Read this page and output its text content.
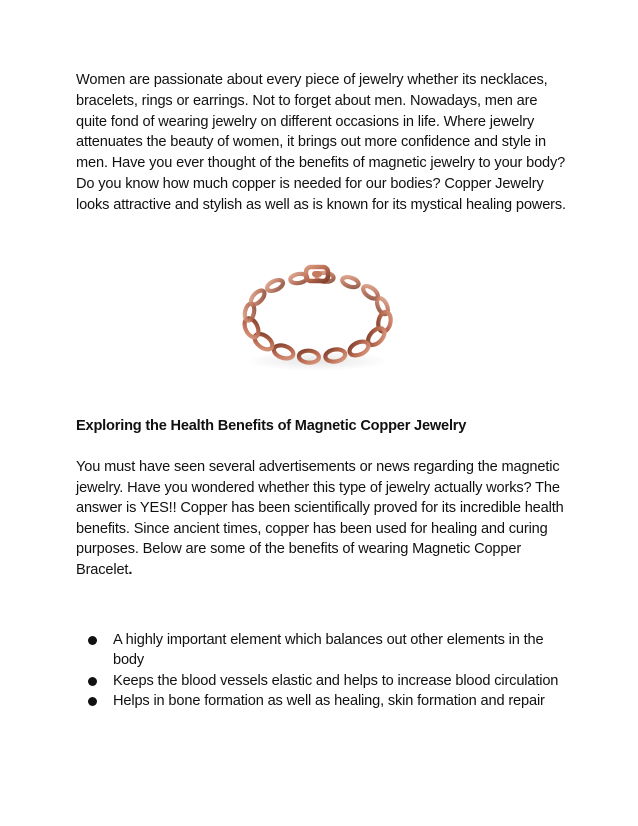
Women are passionate about every piece of jewelry whether its necklaces, bracelets, rings or earrings. Not to forget about men. Nowadays, men are quite fond of wearing jewelry on different occasions in life. Where jewelry attenuates the beauty of women, it brings out more confidence and style in men. Have you ever thought of the benefits of magnetic jewelry to your body? Do you know how much copper is needed for our bodies? Copper Jewelry looks attractive and stylish as well as is known for its mystical healing powers.

Exploring the Health Benefits of Magnetic Copper Jewelry

You must have seen several advertisements or news regarding the magnetic jewelry. Have you wondered whether this type of jewelry actually works? The answer is YES!! Copper has been scientifically proved for its incredible health benefits. Since ancient times, copper has been used for healing and curing purposes. Below are some of the benefits of wearing Magnetic Copper Bracelet.

A highly important element which balances out other elements in the body
Keeps the blood vessels elastic and helps to increase blood circulation
Helps in bone formation as well as healing, skin formation and repair
